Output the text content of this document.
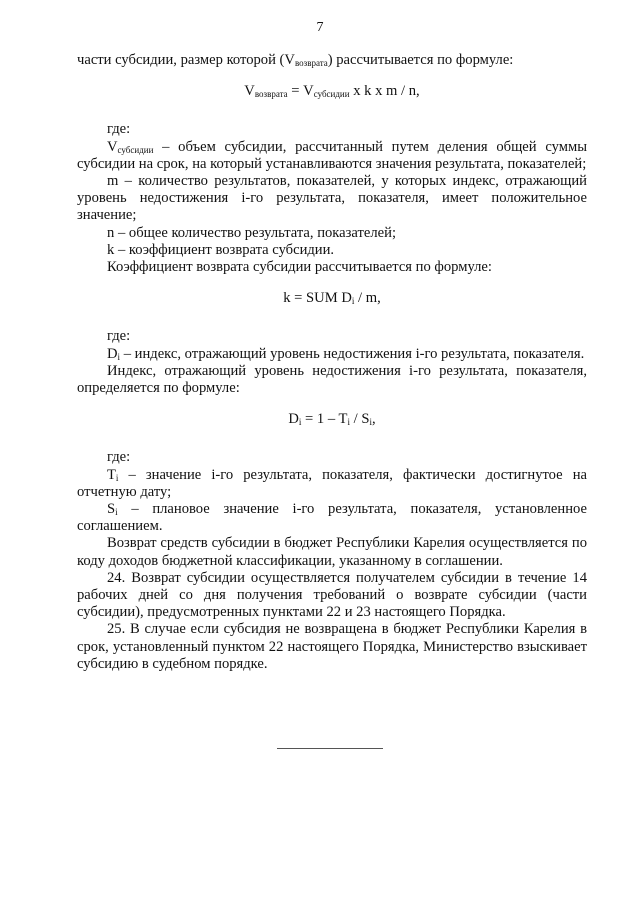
7

части субсидии, размер которой $(V_{возврата})$ рассчитывается по формуле:

$V_{возврата} = V_{субсидии}$ x k x m / n,

где:

$V_{субсидии}$ – объем субсидии, рассчитанный путем деления общей суммы субсидии на срок, на который устанавливаются значения результата, показателей;

m – количество результатов, показателей, у которых индекс, отражающий уровень недостижения i-го результата, показателя, имеет положительное значение;

n – общее количество результата, показателей;

k – коэффициент возврата субсидии.

Коэффициент возврата субсидии рассчитывается по формуле:

k = SUM $D_i$ / m,

где:

$D_i$ – индекс, отражающий уровень недостижения i-го результата, показателя.

Индекс, отражающий уровень недостижения i-го результата, показателя, определяется по формуле:

$D_i = 1 - T_i / S_i$,

где:

$T_i$ – значение i-го результата, показателя, фактически достигнутое на отчетную дату;

$S_i$ – плановое значение i-го результата, показателя, установленное соглашением.

Возврат средств субсидии в бюджет Республики Карелия осуществляется по коду доходов бюджетной классификации, указанному в соглашении.

24. Возврат субсидии осуществляется получателем субсидии в течение 14 рабочих дней со дня получения требований о возврате субсидии (части субсидии), предусмотренных пунктами 22 и 23 настоящего Порядка.

25. В случае если субсидия не возвращена в бюджет Республики Карелия в срок, установленный пунктом 22 настоящего Порядка, Министерство взыскивает субсидию в судебном порядке.
